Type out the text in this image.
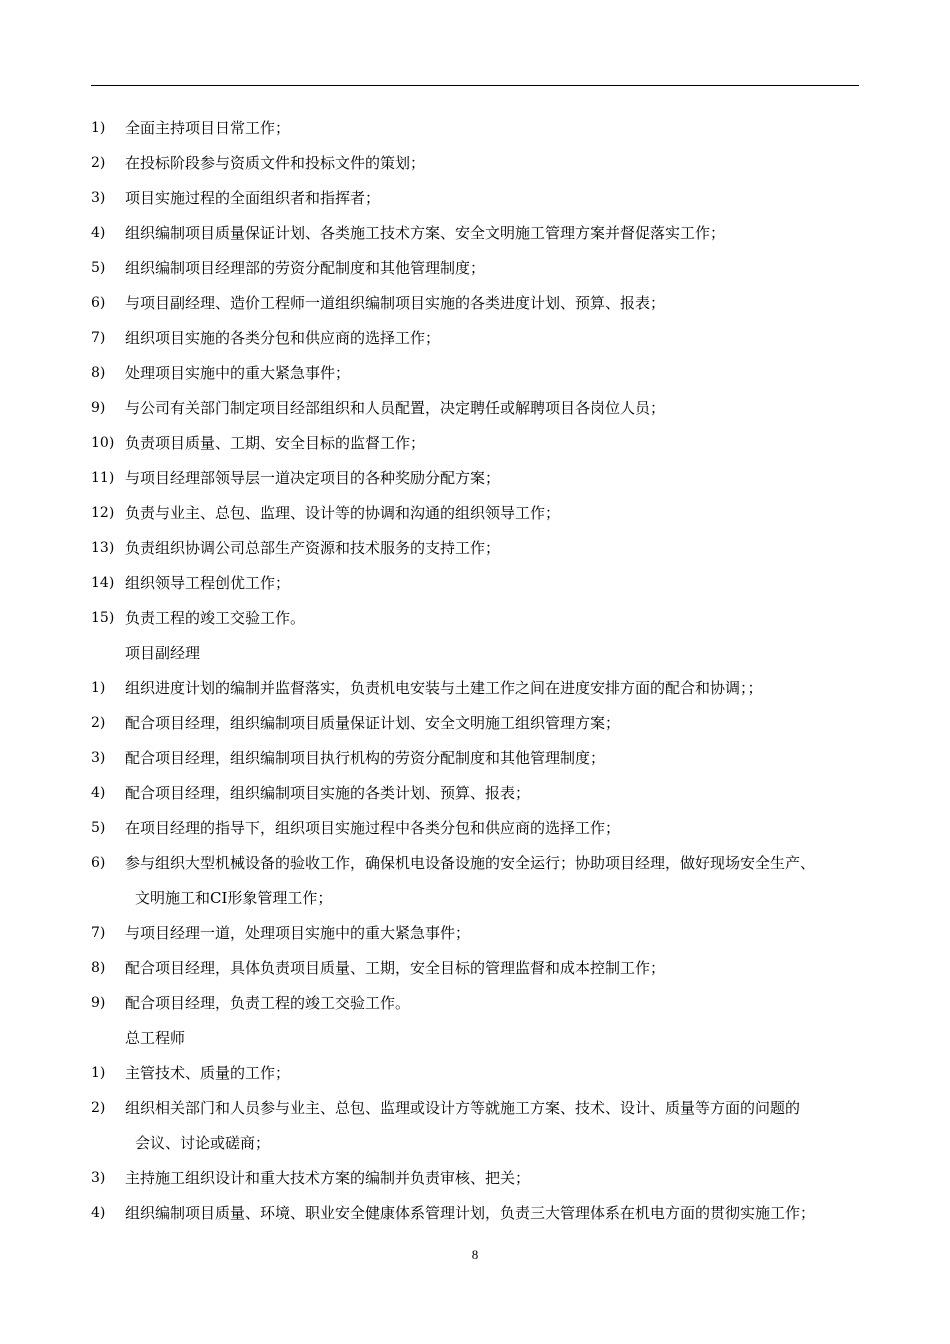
1) 全面主持项目日常工作；
2) 在投标阶段参与资质文件和投标文件的策划；
3) 项目实施过程的全面组织者和指挥者；
4) 组织编制项目质量保证计划、各类施工技术方案、安全文明施工管理方案并督促落实工作；
5) 组织编制项目经理部的劳资分配制度和其他管理制度；
6) 与项目副经理、造价工程师一道组织编制项目实施的各类进度计划、预算、报表；
7) 组织项目实施的各类分包和供应商的选择工作；
8) 处理项目实施中的重大紧急事件；
9) 与公司有关部门制定项目经部组织和人员配置，决定聘任或解聘项目各岗位人员；
10) 负责项目质量、工期、安全目标的监督工作；
11) 与项目经理部领导层一道决定项目的各种奖励分配方案；
12) 负责与业主、总包、监理、设计等的协调和沟通的组织领导工作；
13) 负责组织协调公司总部生产资源和技术服务的支持工作；
14) 组织领导工程创优工作；
15) 负责工程的竣工交验工作。
项目副经理
1) 组织进度计划的编制并监督落实，负责机电安装与土建工作之间在进度安排方面的配合和协调；；
2) 配合项目经理，组织编制项目质量保证计划、安全文明施工组织管理方案；
3) 配合项目经理，组织编制项目执行机构的劳资分配制度和其他管理制度；
4) 配合项目经理，组织编制项目实施的各类计划、预算、报表；
5) 在项目经理的指导下，组织项目实施过程中各类分包和供应商的选择工作；
6) 参与组织大型机械设备的验收工作，确保机电设备设施的安全运行；协助项目经理，做好现场安全生产、
文明施工和CI形象管理工作；
7) 与项目经理一道，处理项目实施中的重大紧急事件；
8) 配合项目经理，具体负责项目质量、工期，安全目标的管理监督和成本控制工作；
9) 配合项目经理，负责工程的竣工交验工作。
总工程师
1) 主管技术、质量的工作；
2) 组织相关部门和人员参与业主、总包、监理或设计方等就施工方案、技术、设计、质量等方面的问题的
会议、讨论或磋商；
3) 主持施工组织设计和重大技术方案的编制并负责审核、把关；
4) 组织编制项目质量、环境、职业安全健康体系管理计划，负责三大管理体系在机电方面的贯彻实施工作；
8
